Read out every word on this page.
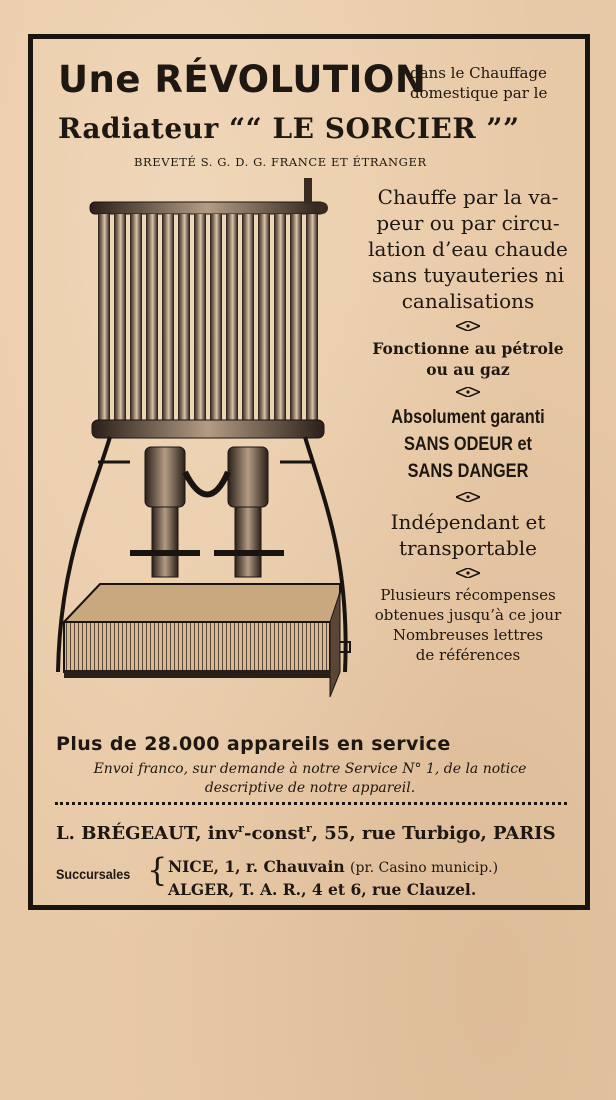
Une RÉVOLUTION
dans le Chauffage
domestique par le
Radiateur ““ LE SORCIER ””
BREVETÉ S. G. D. G. FRANCE ET ÉTRANGER
Chauffe par la va-
peur ou par circu-
lation d’eau chaude
sans tuyauteries ni
canalisations
Fonctionne au pétrole
ou au gaz
Absolument garanti
SANS ODEUR et
SANS DANGER
Indépendant et
transportable
Plusieurs récompenses
obtenues jusqu’à ce jour
Nombreuses lettres
de références
Plus de 28.000 appareils en service
Envoi franco, sur demande à notre Service N° 1, de la notice
descriptive de notre appareil.
L. BRÉGEAUT, inv$^r$-const$^r$, 55, rue Turbigo, PARIS
Succursales { NICE, 1, r. Chauvain (pr. Casino municip.)
ALGER, T. A. R., 4 et 6, rue Clauzel.
